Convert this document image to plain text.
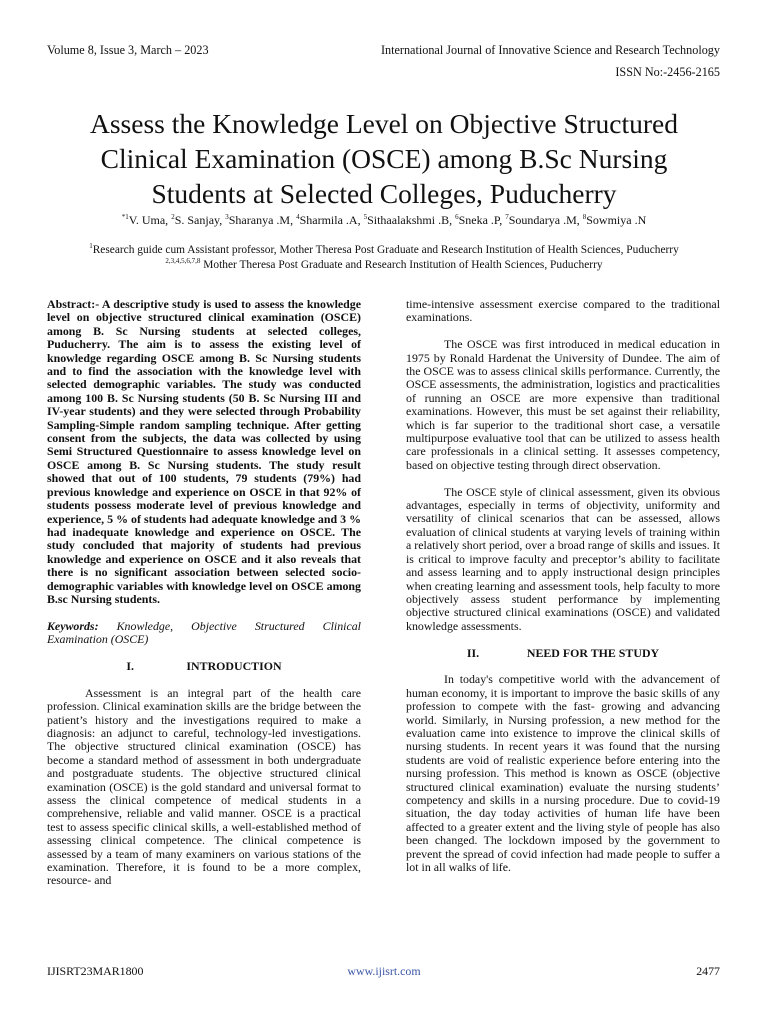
Volume 8, Issue 3, March – 2023	International Journal of Innovative Science and Research Technology
ISSN No:-2456-2165
Assess the Knowledge Level on Objective Structured
Clinical Examination (OSCE) among B.Sc Nursing
Students at Selected Colleges, Puducherry
$^{*1}$V. Uma, $^2$S. Sanjay, $^3$Sharanya .M, $^4$Sharmila .A, $^5$Sithaalakshmi .B, $^6$Sneka .P, $^7$Soundarya .M, $^8$Sowmiya .N
$^1$Research guide cum Assistant professor, Mother Theresa Post Graduate and Research Institution of Health Sciences, Puducherry
$^{2,3,4,5,6,7,8}$ Mother Theresa Post Graduate and Research Institution of Health Sciences, Puducherry

Abstract:- A descriptive study is used to assess the knowledge level on objective structured clinical examination (OSCE) among B. Sc Nursing students at selected colleges, Puducherry. The aim is to assess the existing level of knowledge regarding OSCE among B. Sc Nursing students and to find the association with the knowledge level with selected demographic variables. The study was conducted among 100 B. Sc Nursing students (50 B. Sc Nursing III and IV-year students) and they were selected through Probability Sampling-Simple random sampling technique. After getting consent from the subjects, the data was collected by using Semi Structured Questionnaire to assess knowledge level on OSCE among B. Sc Nursing students. The study result showed that out of 100 students, 79 students (79%) had previous knowledge and experience on OSCE in that 92% of students possess moderate level of previous knowledge and experience, 5 % of students had adequate knowledge and 3 % had inadequate knowledge and experience on OSCE. The study concluded that majority of students had previous knowledge and experience on OSCE and it also reveals that there is no significant association between selected socio- demographic variables with knowledge level on OSCE among B.sc Nursing students.

Keywords: Knowledge, Objective Structured Clinical Examination (OSCE)

I.	INTRODUCTION

Assessment is an integral part of the health care profession. Clinical examination skills are the bridge between the patient’s history and the investigations required to make a diagnosis: an adjunct to careful, technology-led investigations. The objective structured clinical examination (OSCE) has become a standard method of assessment in both undergraduate and postgraduate students. The objective structured clinical examination (OSCE) is the gold standard and universal format to assess the clinical competence of medical students in a comprehensive, reliable and valid manner. OSCE is a practical test to assess specific clinical skills, a well-established method of assessing clinical competence. The clinical competence is assessed by a team of many examiners on various stations of the examination. Therefore, it is found to be a more complex, resource- and

time-intensive assessment exercise compared to the traditional examinations.

The OSCE was first introduced in medical education in 1975 by Ronald Hardenat the University of Dundee. The aim of the OSCE was to assess clinical skills performance. Currently, the OSCE assessments, the administration, logistics and practicalities of running an OSCE are more expensive than traditional examinations. However, this must be set against their reliability, which is far superior to the traditional short case, a versatile multipurpose evaluative tool that can be utilized to assess health care professionals in a clinical setting. It assesses competency, based on objective testing through direct observation.

The OSCE style of clinical assessment, given its obvious advantages, especially in terms of objectivity, uniformity and versatility of clinical scenarios that can be assessed, allows evaluation of clinical students at varying levels of training within a relatively short period, over a broad range of skills and issues. It is critical to improve faculty and preceptor’s ability to facilitate and assess learning and to apply instructional design principles when creating learning and assessment tools, help faculty to more objectively assess student performance by implementing objective structured clinical examinations (OSCE) and validated knowledge assessments.

II.	NEED FOR THE STUDY

In today's competitive world with the advancement of human economy, it is important to improve the basic skills of any profession to compete with the fast- growing and advancing world. Similarly, in Nursing profession, a new method for the evaluation came into existence to improve the clinical skills of nursing students. In recent years it was found that the nursing students are void of realistic experience before entering into the nursing profession. This method is known as OSCE (objective structured clinical examination) evaluate the nursing students’ competency and skills in a nursing procedure. Due to covid-19 situation, the day today activities of human life have been affected to a greater extent and the living style of people has also been changed. The lockdown imposed by the government to prevent the spread of covid infection had made people to suffer a lot in all walks of life.

IJISRT23MAR1800	www.ijisrt.com	2477
